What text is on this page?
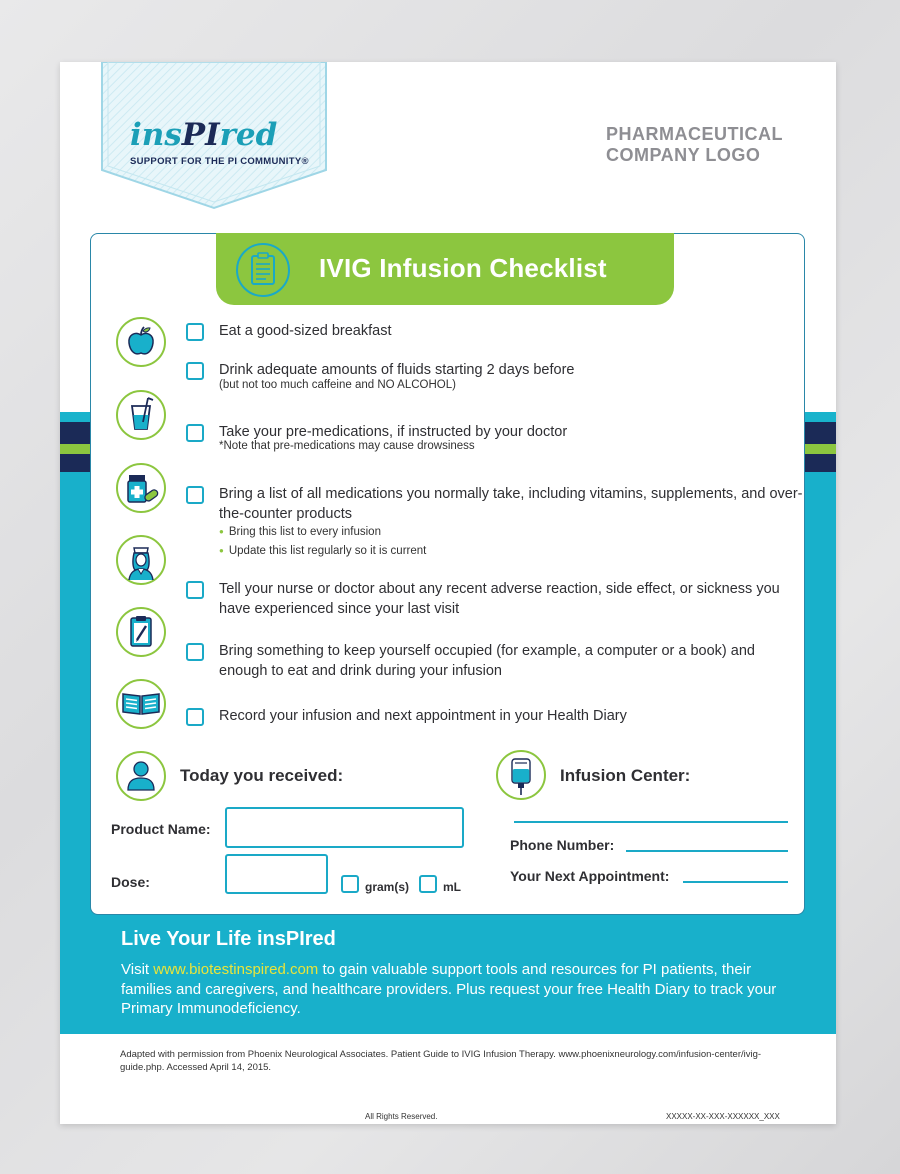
insPIred
SUPPORT FOR THE PI COMMUNITY®
PHARMACEUTICAL
COMPANY LOGO
IVIG Infusion Checklist
Eat a good-sized breakfast
Drink adequate amounts of fluids starting 2 days before
(but not too much caffeine and NO ALCOHOL)
Take your pre-medications, if instructed by your doctor
*Note that pre-medications may cause drowsiness
Bring a list of all medications you normally take, including vitamins, supplements, and over-the-counter products
● Bring this list to every infusion
● Update this list regularly so it is current
Tell your nurse or doctor about any recent adverse reaction, side effect, or sickness you have experienced since your last visit
Bring something to keep yourself occupied (for example, a computer or a book) and enough to eat and drink during your infusion
Record your infusion and next appointment in your Health Diary
Today you received:
Product Name:
Dose:	gram(s)	mL
Infusion Center:
Phone Number:
Your Next Appointment:
Live Your Life insPIred
Visit www.biotestinspired.com to gain valuable support tools and resources for PI patients, their families and caregivers, and healthcare providers. Plus request your free Health Diary to track your Primary Immunodeficiency.
Adapted with permission from Phoenix Neurological Associates. Patient Guide to IVIG Infusion Therapy. www.phoenixneurology.com/infusion-center/ivig-guide.php. Accessed April 14, 2015.
All Rights Reserved.	XXXXX-XX-XXX-XXXXXX_XXX
